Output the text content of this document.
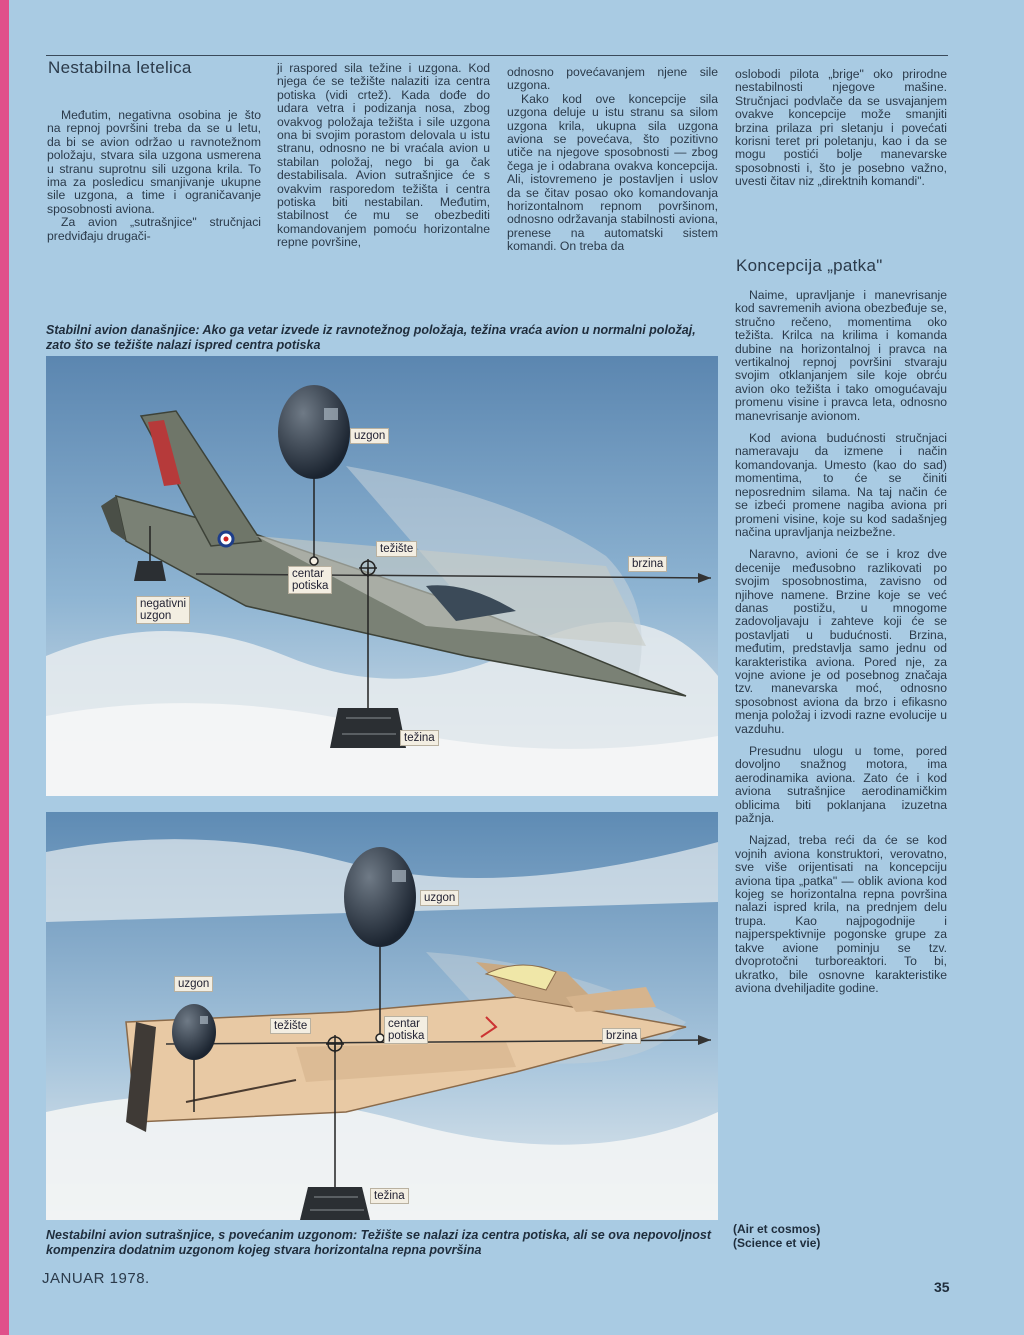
Nestabilna letelica

Međutim, negativna osobina je što na repnoj površini treba da se u letu, da bi se avion održao u ravnotežnom položaju, stvara sila uzgona usmerena u stranu suprotnu sili uzgona krila. To ima za posledicu smanjivanje ukupne sile uzgona, a time i ograničavanje sposobnosti aviona.

Za avion „sutrašnjice" stručnjaci predviđaju drugači-

ji raspored sila težine i uzgona. Kod njega će se težište nalaziti iza centra potiska (vidi crtež). Kada dođe do udara vetra i podizanja nosa, zbog ovakvog položaja težišta i sile uzgona ona bi svojim porastom delovala u istu stranu, odnosno ne bi vraćala avion u stabilan položaj, nego bi ga čak destabilisala. Avion sutrašnjice će s ovakvim rasporedom težišta i centra potiska biti nestabilan. Međutim, stabilnost će mu se obezbediti komandovanjem pomoću horizontalne repne površine,

odnosno povećavanjem njene sile uzgona.

Kako kod ove koncepcije sila uzgona deluje u istu stranu sa silom uzgona krila, ukupna sila uzgona aviona se povećava, što pozitivno utiče na njegove sposobnosti — zbog čega je i odabrana ovakva koncepcija. Ali, istovremeno je postavljen i uslov da se čitav posao oko komandovanja horizontalnom repnom površinom, odnosno održavanja stabilnosti aviona, prenese na automatski sistem komandi. On treba da

oslobodi pilota „brige" oko prirodne nestabilnosti njegove mašine. Stručnjaci podvlače da se usvajanjem ovakve koncepcije može smanjiti brzina prilaza pri sletanju i povećati korisni teret pri poletanju, kao i da se mogu postići bolje manevarske sposobnosti i, što je posebno važno, uvesti čitav niz „direktnih komandi".

Koncepcija „patka"

Naime, upravljanje i manevrisanje kod savremenih aviona obezbeđuje se, stručno rečeno, momentima oko težišta. Krilca na krilima i komanda dubine na horizontalnoj i pravca na vertikalnoj repnoj površini stvaraju svojim otklanjanjem sile koje obrću avion oko težišta i tako omogućavaju promenu visine i pravca leta, odnosno manevrisanje avionom.

Kod aviona budućnosti stručnjaci nameravaju da izmene i način komandovanja. Umesto (kao do sad) momentima, to će se činiti neposrednim silama. Na taj način će se izbeći promene nagiba aviona pri promeni visine, koje su kod sadašnjeg načina upravljanja neizbežne.

Naravno, avioni će se i kroz dve decenije međusobno razlikovati po svojim sposobnostima, zavisno od njihove namene. Brzine koje se već danas postižu, u mnogome zadovoljavaju i zahteve koji će se postavljati u budućnosti. Brzina, međutim, predstavlja samo jednu od karakteristika aviona. Pored nje, za vojne avione je od posebnog značaja tzv. manevarska moć, odnosno sposobnost aviona da brzo i efikasno menja položaj i izvodi razne evolucije u vazduhu.

Presudnu ulogu u tome, pored dovoljno snažnog motora, ima aerodinamika aviona. Zato će i kod aviona sutrašnjice aerodinamičkim oblicima biti poklanjana izuzetna pažnja.

Najzad, treba reći da će se kod vojnih aviona konstruktori, verovatno, sve više orijentisati na koncepciju aviona tipa „patka" — oblik aviona kod kojeg se horizontalna repna površina nalazi ispred krila, na prednjem delu trupa. Kao najpogodnije i najperspektivnije pogonske grupe za takve avione pominju se tzv. dvoprotočni turboreaktori. To bi, ukratko, bile osnovne karakteristike aviona dvehiljadite godine.

Stabilni avion današnjice: Ako ga vetar izvede iz ravnotežnog položaja, težina vraća avion u normalni položaj, zato što se težište nalazi ispred centra potiska
uzgon
težište
centar
potiska
brzina
negativni
uzgon
težina
uzgon
uzgon
težište	centar
potiska	brzina
težina
Nestabilni avion sutrašnjice, s povećanim uzgonom: Težište se nalazi iza centra potiska, ali se ova nepovoljnost kompenzira dodatnim uzgonom kojeg stvara horizontalna repna površina
(Air et cosmos)
(Science et vie)
JANUAR 1978.	35
